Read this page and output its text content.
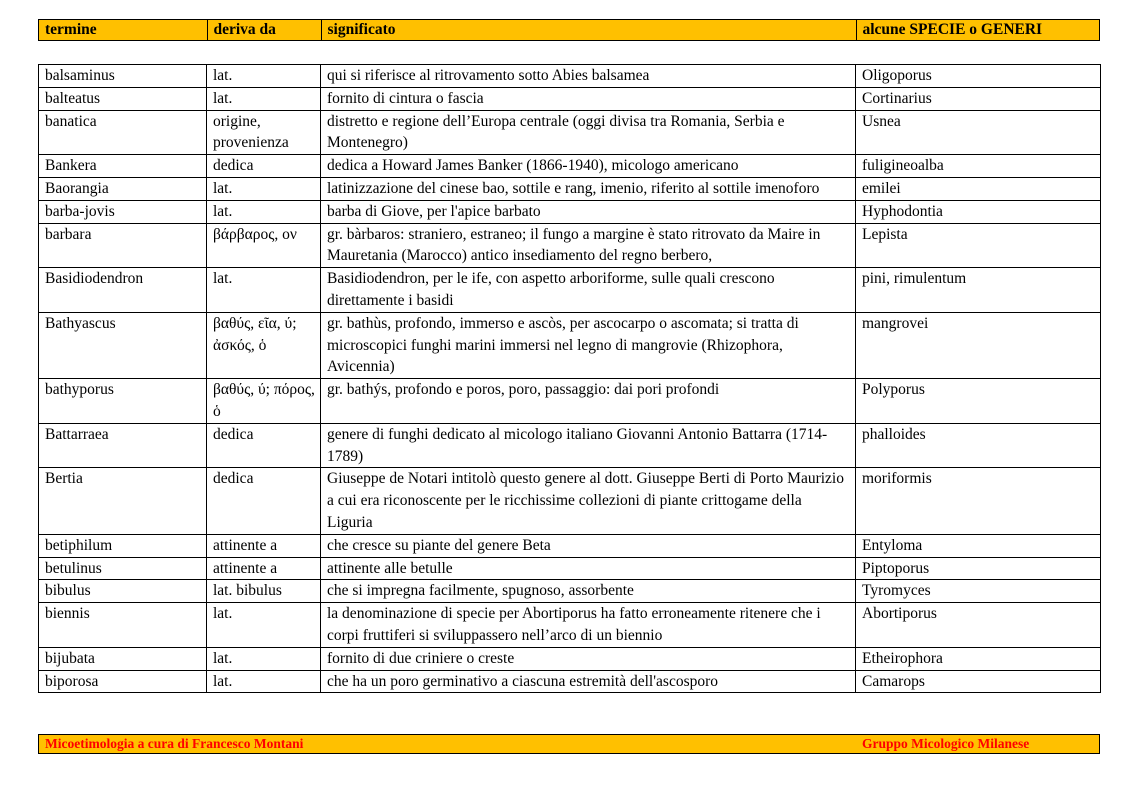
termine	deriva da	significato	alcune SPECIE o GENERI
balsaminus	lat.	qui si riferisce al ritrovamento sotto Abies balsamea	Oligoporus
balteatus	lat.	fornito di cintura o fascia	Cortinarius
banatica	origine, provenienza	distretto e regione dell’Europa centrale (oggi divisa tra Romania, Serbia e Montenegro)	Usnea
Bankera	dedica	dedica a Howard James Banker (1866-1940), micologo americano	fuligineoalba
Baorangia	lat.	latinizzazione del cinese bao, sottile e rang, imenio, riferito al sottile imenoforo	emilei
barba-jovis	lat.	barba di Giove, per l'apice barbato	Hyphodontia
barbara	βάρβαρος, ον	gr. bàrbaros: straniero, estraneo; il fungo a margine è stato ritrovato da Maire in Mauretania (Marocco) antico insediamento del regno berbero,	Lepista
Basidiodendron	lat.	Basidiodendron, per le ife, con aspetto arboriforme, sulle quali crescono direttamente i basidi	pini, rimulentum
Bathyascus	βαθύς, εῖα, ύ; ἀσκός, ὁ	gr. bathùs, profondo, immerso e ascòs, per ascocarpo o ascomata; si tratta di microscopici funghi marini immersi nel legno di mangrovie (Rhizophora, Avicennia)	mangrovei
bathyporus	βαθύς, ύ; πόρος, ὁ	gr. bathýs, profondo e poros, poro, passaggio: dai pori profondi	Polyporus
Battarraea	dedica	genere di funghi dedicato al micologo italiano Giovanni Antonio Battarra (1714-1789)	phalloides
Bertia	dedica	Giuseppe de Notari intitolò questo genere al dott. Giuseppe Berti di Porto Maurizio a cui era riconoscente per le ricchissime collezioni di piante crittogame della Liguria	moriformis
betiphilum	attinente a	che cresce su piante del genere Beta	Entyloma
betulinus	attinente a	attinente alle betulle	Piptoporus
bibulus	lat. bibulus	che si impregna facilmente, spugnoso, assorbente	Tyromyces
biennis	lat.	la denominazione di specie per Abortiporus ha fatto erroneamente ritenere che i corpi fruttiferi si sviluppassero nell’arco di un biennio	Abortiporus
bijubata	lat.	fornito di due criniere o creste	Etheirophora
biporosa	lat.	che ha un poro germinativo a ciascuna estremità dell'ascosporo	Camarops
Micoetimologia a cura di Francesco Montani	Gruppo Micologico Milanese
